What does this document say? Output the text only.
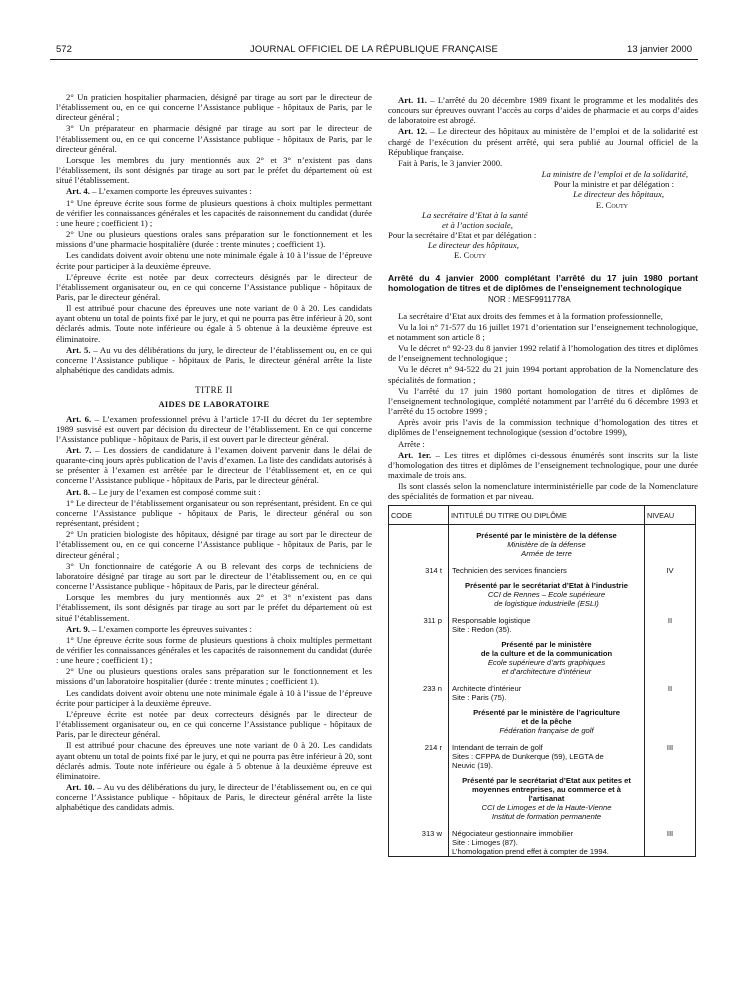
572	JOURNAL OFFICIEL DE LA RÉPUBLIQUE FRANÇAISE	13 janvier 2000

2° Un praticien hospitalier pharmacien, désigné par tirage au sort par le directeur de l’établissement ou, en ce qui concerne l’Assistance publique - hôpitaux de Paris, par le directeur général ;

3° Un préparateur en pharmacie désigné par tirage au sort par le directeur de l’établissement ou, en ce qui concerne l’Assistance publique - hôpitaux de Paris, par le directeur général.

Lorsque les membres du jury mentionnés aux 2° et 3° n’existent pas dans l’établissement, ils sont désignés par tirage au sort par le préfet du département où est situé l’établissement.

Art. 4. – L’examen comporte les épreuves suivantes :

1° Une épreuve écrite sous forme de plusieurs questions à choix multiples permettant de vérifier les connaissances générales et les capacités de raisonnement du candidat (durée : une heure ; coefficient 1) ;

2° Une ou plusieurs questions orales sans préparation sur le fonctionnement et les missions d’une pharmacie hospitalière (durée : trente minutes ; coefficient 1).

Les candidats doivent avoir obtenu une note minimale égale à 10 à l’issue de l’épreuve écrite pour participer à la deuxième épreuve.

L’épreuve écrite est notée par deux correcteurs désignés par le directeur de l’établissement organisateur ou, en ce qui concerne l’Assistance publique - hôpitaux de Paris, par le directeur général.

Il est attribué pour chacune des épreuves une note variant de 0 à 20. Les candidats ayant obtenu un total de points fixé par le jury, et qui ne pourra pas être inférieur à 20, sont déclarés admis. Toute note inférieure ou égale à 5 obtenue à la deuxième épreuve est éliminatoire.

Art. 5. – Au vu des délibérations du jury, le directeur de l’établissement ou, en ce qui concerne l’Assistance publique - hôpitaux de Paris, le directeur général arrête la liste alphabétique des candidats admis.

TITRE II
AIDES DE LABORATOIRE

Art. 6. – L’examen professionnel prévu à l’article 17-II du décret du 1er septembre 1989 susvisé est ouvert par décision du directeur de l’établissement. En ce qui concerne l’Assistance publique - hôpitaux de Paris, il est ouvert par le directeur général.

Art. 7. – Les dossiers de candidature à l’examen doivent parvenir dans le délai de quarante-cinq jours après publication de l’avis d’examen. La liste des candidats autorisés à se présenter à l’examen est arrêtée par le directeur de l’établissement et, en ce qui concerne l’Assistance publique - hôpitaux de Paris, par le directeur général.

Art. 8. – Le jury de l’examen est composé comme suit :

1° Le directeur de l’établissement organisateur ou son représentant, président. En ce qui concerne l’Assistance publique - hôpitaux de Paris, le directeur général ou son représentant, président ;

2° Un praticien biologiste des hôpitaux, désigné par tirage au sort par le directeur de l’établissement ou, en ce qui concerne l’Assistance publique - hôpitaux de Paris, par le directeur général ;

3° Un fonctionnaire de catégorie A ou B relevant des corps de techniciens de laboratoire désigné par tirage au sort par le directeur de l’établissement ou, en ce qui concerne l’Assistance publique - hôpitaux de Paris, par le directeur général.

Lorsque les membres du jury mentionnés aux 2° et 3° n’existent pas dans l’établissement, ils sont désignés par tirage au sort par le préfet du département où est situé l’établissement.

Art. 9. – L’examen comporte les épreuves suivantes :

1° Une épreuve écrite sous forme de plusieurs questions à choix multiples permettant de vérifier les connaissances générales et les capacités de raisonnement du candidat (durée : une heure ; coefficient 1) ;

2° Une ou plusieurs questions orales sans préparation sur le fonctionnement et les missions d’un laboratoire hospitalier (durée : trente minutes ; coefficient 1).

Les candidats doivent avoir obtenu une note minimale égale à 10 à l’issue de l’épreuve écrite pour participer à la deuxième épreuve.

L’épreuve écrite est notée par deux correcteurs désignés par le directeur de l’établissement organisateur ou, en ce qui concerne l’Assistance publique - hôpitaux de Paris, par le directeur général.

Il est attribué pour chacune des épreuves une note variant de 0 à 20. Les candidats ayant obtenu un total de points fixé par le jury, et qui ne pourra pas être inférieur à 20, sont déclarés admis. Toute note inférieure ou égale à 5 obtenue à la deuxième épreuve est éliminatoire.

Art. 10. – Au vu des délibérations du jury, le directeur de l’établissement ou, en ce qui concerne l’Assistance publique - hôpitaux de Paris, le directeur général arrête la liste alphabétique des candidats admis.

Art. 11. – L’arrêté du 20 décembre 1989 fixant le programme et les modalités des concours sur épreuves ouvrant l’accès au corps d’aides de pharmacie et au corps d’aides de laboratoire est abrogé.

Art. 12. – Le directeur des hôpitaux au ministère de l’emploi et de la solidarité est chargé de l’exécution du présent arrêté, qui sera publié au Journal officiel de la République française.

Fait à Paris, le 3 janvier 2000.

La ministre de l’emploi et de la solidarité,
Pour la ministre et par délégation :
Le directeur des hôpitaux,
E. Couty
La secrétaire d’Etat à la santé
et à l’action sociale,
Pour la secrétaire d’Etat et par délégation :
Le directeur des hôpitaux,
E. Couty
Arrêté du 4 janvier 2000 complétant l’arrêté du 17 juin 1980 portant homologation de titres et de diplômes de l’enseignement technologique
NOR : MESF9911778A

La secrétaire d’Etat aux droits des femmes et à la formation professionnelle,

Vu la loi n° 71-577 du 16 juillet 1971 d’orientation sur l’enseignement technologique, et notamment son article 8 ;

Vu le décret n° 92-23 du 8 janvier 1992 relatif à l’homologation des titres et diplômes de l’enseignement technologique ;

Vu le décret n° 94-522 du 21 juin 1994 portant approbation de la Nomenclature des spécialités de formation ;

Vu l’arrêté du 17 juin 1980 portant homologation de titres et diplômes de l’enseignement technologique, complété notamment par l’arrêté du 6 décembre 1993 et l’arrêté du 15 octobre 1999 ;

Après avoir pris l’avis de la commission technique d’homologation des titres et diplômes de l’enseignement technologique (session d’octobre 1999),

Arrête :

Art. 1er. – Les titres et diplômes ci-dessous énumérés sont inscrits sur la liste d’homologation des titres et diplômes de l’enseignement technologique, pour une durée maximale de trois ans.

Ils sont classés selon la nomenclature interministérielle par code de la Nomenclature des spécialités de formation et par niveau.

CODE	INTITULÉ DU TITRE OU DIPLÔME	NIVEAU
	Présenté par le ministère de la défense	
	Ministère de la défense	
	Armée de terre	

314 t	Technicien des services financiers	IV
	Présenté par le secrétariat d’Etat à l’industrie	
	CCI de Rennes – Ecole supérieure	
	de logistique industrielle (ESLI)	

311 p	Responsable logistique	II
	Site : Redon (35).	
	Présenté par le ministère	
	de la culture et de la communication	
	Ecole supérieure d’arts graphiques	
	et d’architecture d’intérieur	

233 n	Architecte d’intérieur	II
	Site : Paris (75).	
	Présenté par le ministère de l’agriculture	
	et de la pêche	
	Fédération française de golf	

214 r	Intendant de terrain de golf	III
	Sites : CFPPA de Dunkerque (59), LEGTA de	
	Neuvic (19).	
	Présenté par le secrétariat d’Etat aux petites et	
	moyennes entreprises, au commerce et à	
	l’artisanat	
	CCI de Limoges et de la Haute-Vienne	
	Institut de formation permanente	

313 w	Négociateur gestionnaire immobilier	III
	Site : Limoges (87).	
	L’homologation prend effet à compter de 1994.	
